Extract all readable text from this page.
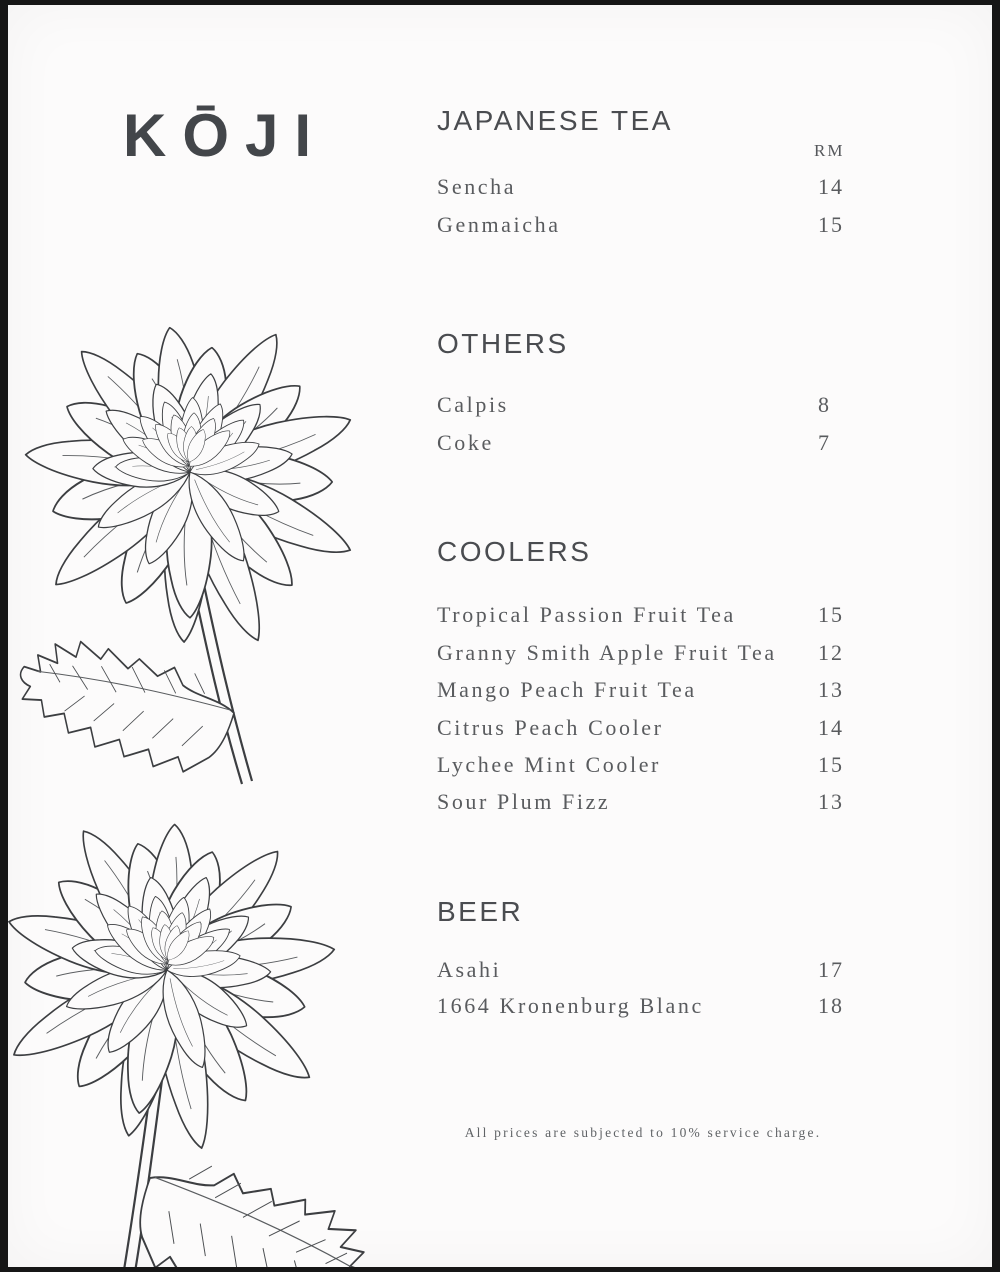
KŌJI	JAPANESE TEA
RM
Sencha	14
Genmaicha	15
OTHERS
Calpis	8
Coke	7
COOLERS
Tropical Passion Fruit Tea	15
Granny Smith Apple Fruit Tea 12
Mango Peach Fruit Tea	13
Citrus Peach Cooler	14
Lychee Mint Cooler	15
Sour Plum Fizz	13
BEER
Asahi	17
1664 Kronenburg Blanc	18
All prices are subjected to 10% service charge.
